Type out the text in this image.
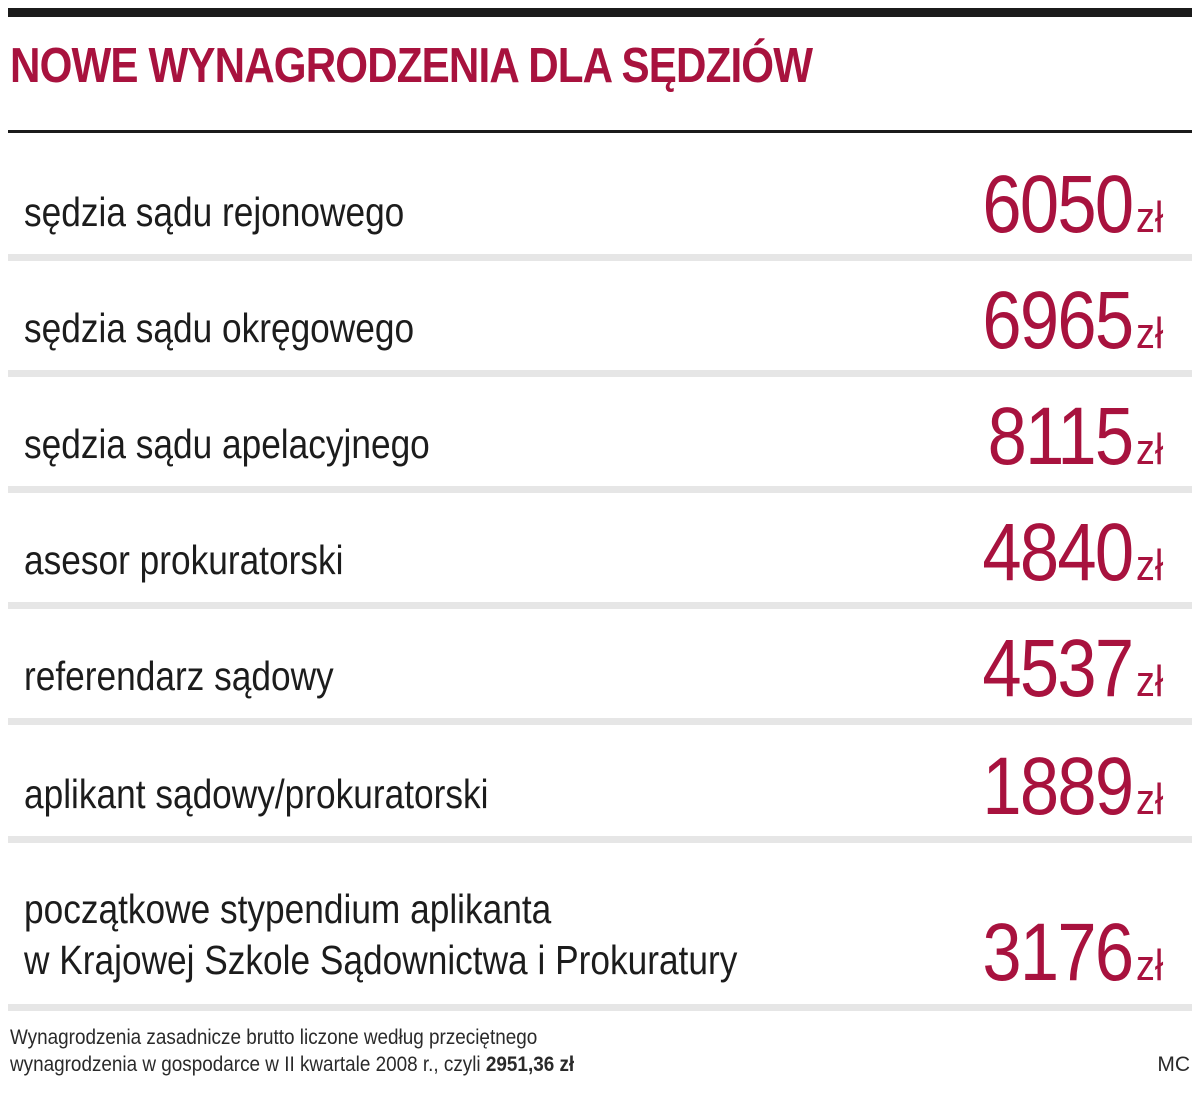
NOWE WYNAGRODZENIA DLA SĘDZIÓW
sędzia sądu rejonowego	6050 zł
sędzia sądu okręgowego	6965 zł
sędzia sądu apelacyjnego	8115 zł
asesor prokuratorski	4840 zł
referendarz sądowy	4537 zł
aplikant sądowy/prokuratorski	1889 zł
początkowe stypendium aplikanta
w Krajowej Szkole Sądownictwa i Prokuratury	3176 zł
Wynagrodzenia zasadnicze brutto liczone według przeciętnego
wynagrodzenia w gospodarce w II kwartale 2008 r., czyli 2951,36 zł	MC
